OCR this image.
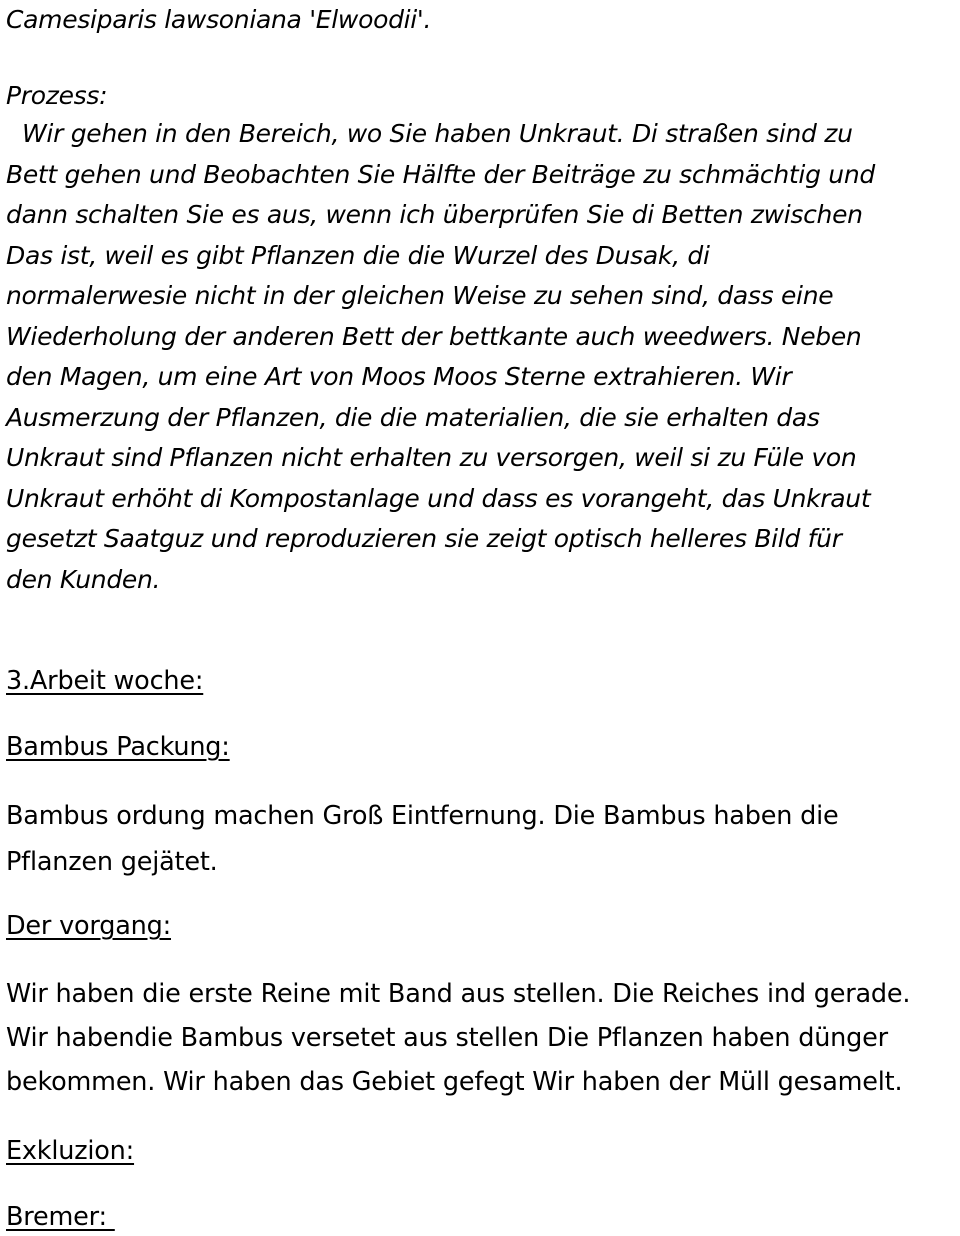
Camesiparis lawsoniana 'Elwoodii'.
Prozess:
Wir gehen in den Bereich, wo Sie haben Unkraut. Di straßen sind zu
Bett gehen und Beobachten Sie Hälfte der Beiträge zu schmächtig und
dann schalten Sie es aus, wenn ich überprüfen Sie di Betten zwischen
Das ist, weil es gibt Pflanzen die die Wurzel des Dusak, di
normalerwesie nicht in der gleichen Weise zu sehen sind, dass eine
Wiederholung der anderen Bett der bettkante auch weedwers. Neben
den Magen, um eine Art von Moos Moos Sterne extrahieren. Wir
Ausmerzung der Pflanzen, die die materialien, die sie erhalten das
Unkraut sind Pflanzen nicht erhalten zu versorgen, weil si zu Füle von
Unkraut erhöht di Kompostanlage und dass es vorangeht, das Unkraut
gesetzt Saatguz und reproduzieren sie zeigt optisch helleres Bild für
den Kunden.
3.Arbeit woche:
Bambus Packung:
Bambus ordung machen Groß Eintfernung. Die Bambus haben die
Pflanzen gejätet.
Der vorgang:
Wir haben die erste Reine mit Band aus stellen. Die Reiches ind gerade.
Wir habendie Bambus versetet aus stellen Die Pflanzen haben dünger
bekommen. Wir haben das Gebiet gefegt Wir haben der Müll gesamelt.
Exkluzion:
Bremer:
